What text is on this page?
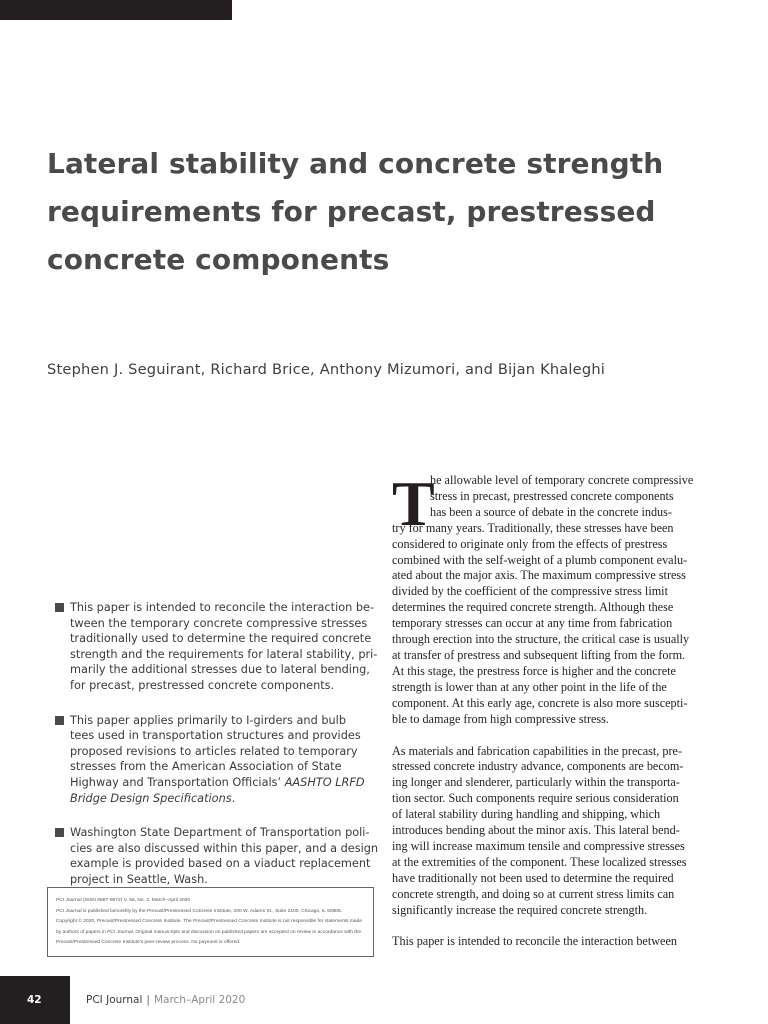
Lateral stability and concrete strength
requirements for precast, prestressed
concrete components

Stephen J. Seguirant, Richard Brice, Anthony Mizumori, and Bijan Khaleghi

This paper is intended to reconcile the interaction be-
tween the temporary concrete compressive stresses
traditionally used to determine the required concrete
strength and the requirements for lateral stability, pri-
marily the additional stresses due to lateral bending,
for precast, prestressed concrete components.
This paper applies primarily to I-girders and bulb
tees used in transportation structures and provides
proposed revisions to articles related to temporary
stresses from the American Association of State
Highway and Transportation Officials’ AASHTO LRFD
Bridge Design Specifications.
Washington State Department of Transportation poli-
cies are also discussed within this paper, and a design
example is provided based on a viaduct replacement
project in Seattle, Wash.
PCI Journal (ISSN 0887-9672) V. 65, No. 2, March–April 2020
PCI Journal is published bimonthly by the Precast/Prestressed Concrete Institute, 200 W. Adams St., Suite 2100, Chicago, IL 60606.
Copyright © 2020, Precast/Prestressed Concrete Institute. The Precast/Prestressed Concrete Institute is not responsible for statements made
by authors of papers in PCI Journal. Original manuscripts and discussion on published papers are accepted on review in accordance with the
Precast/Prestressed Concrete Institute’s peer-review process. No payment is offered.
T
he allowable level of temporary concrete compressive
stress in precast, prestressed concrete components
has been a source of debate in the concrete indus-
try for many years. Traditionally, these stresses have been
considered to originate only from the effects of prestress
combined with the self-weight of a plumb component evalu-
ated about the major axis. The maximum compressive stress
divided by the coefficient of the compressive stress limit
determines the required concrete strength. Although these
temporary stresses can occur at any time from fabrication
through erection into the structure, the critical case is usually
at transfer of prestress and subsequent lifting from the form.
At this stage, the prestress force is higher and the concrete
strength is lower than at any other point in the life of the
component. At this early age, concrete is also more suscepti-
ble to damage from high compressive stress.
As materials and fabrication capabilities in the precast, pre-
stressed concrete industry advance, components are becom-
ing longer and slenderer, particularly within the transporta-
tion sector. Such components require serious consideration
of lateral stability during handling and shipping, which
introduces bending about the minor axis. This lateral bend-
ing will increase maximum tensile and compressive stresses
at the extremities of the component. These localized stresses
have traditionally not been used to determine the required
concrete strength, and doing so at current stress limits can
significantly increase the required concrete strength.
This paper is intended to reconcile the interaction between
42	PCI Journal | March–April 2020
